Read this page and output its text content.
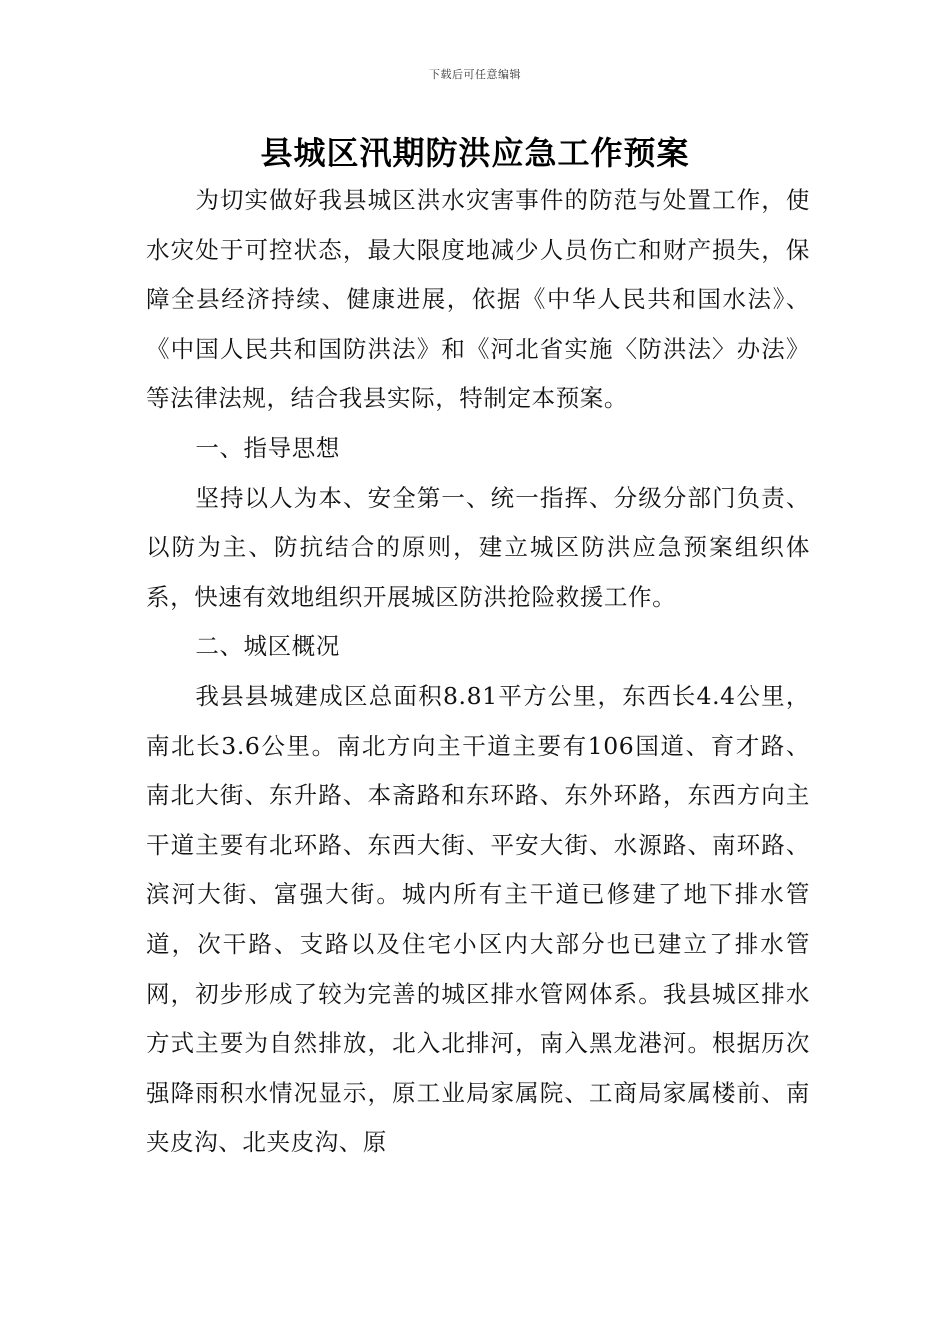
下载后可任意编辑
县城区汛期防洪应急工作预案

为切实做好我县城区洪水灾害事件的防范与处置工作，使水灾处于可控状态，最大限度地减少人员伤亡和财产损失，保障全县经济持续、健康进展，依据《中华人民共和国水法》、《中国人民共和国防洪法》和《河北省实施〈防洪法〉办法》等法律法规，结合我县实际，特制定本预案。

一、指导思想

坚持以人为本、安全第一、统一指挥、分级分部门负责、以防为主、防抗结合的原则，建立城区防洪应急预案组织体系，快速有效地组织开展城区防洪抢险救援工作。

二、城区概况

我县县城建成区总面积8.81平方公里，东西长4.4公里，南北长3.6公里。南北方向主干道主要有106国道、育才路、南北大街、东升路、本斋路和东环路、东外环路，东西方向主干道主要有北环路、东西大街、平安大街、水源路、南环路、滨河大街、富强大街。城内所有主干道已修建了地下排水管道，次干路、支路以及住宅小区内大部分也已建立了排水管网，初步形成了较为完善的城区排水管网体系。我县城区排水方式主要为自然排放，北入北排河，南入黑龙港河。根据历次强降雨积水情况显示，原工业局家属院、工商局家属楼前、南夹皮沟、北夹皮沟、原
